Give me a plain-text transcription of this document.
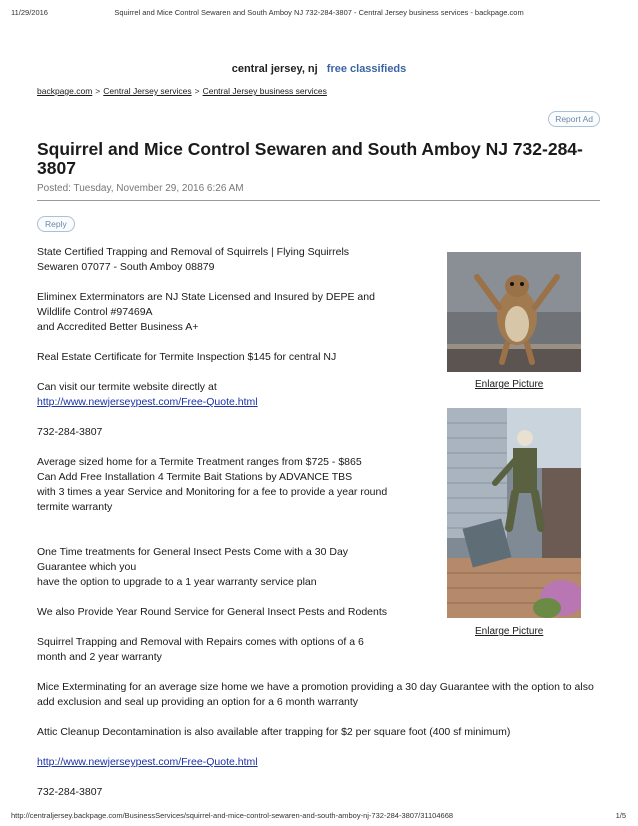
11/29/2016	Squirrel and Mice Control Sewaren and South Amboy NJ 732-284-3807 - Central Jersey business services - backpage.com
central jersey, nj free classifieds
backpage.com > Central Jersey services > Central Jersey business services
Report Ad
Squirrel and Mice Control Sewaren and South Amboy NJ 732-284-3807
Posted: Tuesday, November 29, 2016 6:26 AM
Reply
Enlarge Picture
Enlarge Picture

State Certified Trapping and Removal of Squirrels | Flying Squirrels

Sewaren 07077 - South Amboy 08879

Eliminex Exterminators are NJ State Licensed and Insured by DEPE and

Wildlife Control #97469A

and Accredited Better Business A+

Real Estate Certificate for Termite Inspection $145 for central NJ

Can visit our termite website directly at

http://www.newjerseypest.com/Free-Quote.html

732-284-3807

Average sized home for a Termite Treatment ranges from $725 - $865

Can Add Free Installation 4 Termite Bait Stations by ADVANCE TBS

with 3 times a year Service and Monitoring for a fee to provide a year round

termite warranty

One Time treatments for General Insect Pests Come with a 30 Day

Guarantee which you

have the option to upgrade to a 1 year warranty service plan

We also Provide Year Round Service for General Insect Pests and Rodents

Squirrel Trapping and Removal with Repairs comes with options of a 6

month and 2 year warranty

Mice Exterminating for an average size home we have a promotion providing a 30 day Guarantee with the option to also add exclusion and seal up providing an option for a 6 month warranty

Attic Cleanup Decontamination is also available after trapping for $2 per square foot (400 sf minimum)

http://www.newjerseypest.com/Free-Quote.html

732-284-3807

http://centraljersey.backpage.com/BusinessServices/squirrel-and-mice-control-sewaren-and-south-amboy-nj-732-284-3807/31104668	1/5
